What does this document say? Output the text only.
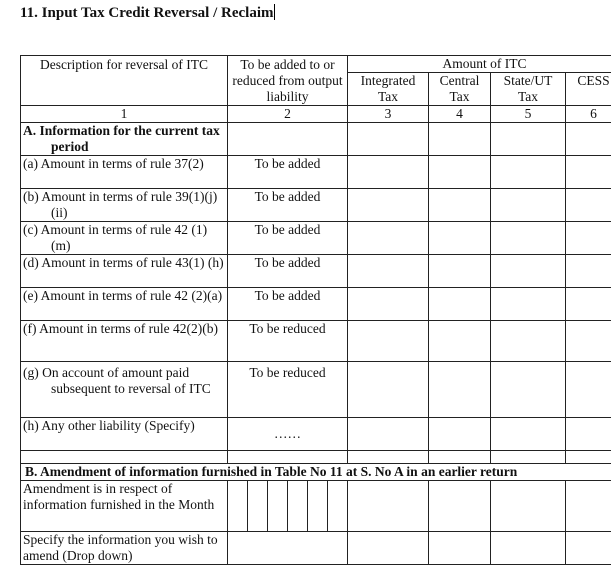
11. Input Tax Credit Reversal / Reclaim
Description for reversal of ITC	To be added to or reduced from output liability	Amount of ITC			
		Integrated Tax	Central Tax	State/UT Tax	CESS
1	2	3	4	5	6

A. Information for the current tax period					

(a) Amount in terms of rule 37(2)	To be added				

(b) Amount in terms of rule 39(1)(j)(ii)	To be added				

(c) Amount in terms of rule 42 (1) (m)	To be added				

(d) Amount in terms of rule 43(1) (h)	To be added				

(e) Amount in terms of rule 42 (2)(a)	To be added				

(f) Amount in terms of rule 42(2)(b)	To be reduced				

(g) On account of amount paid subsequent to reversal of ITC	To be reduced				

(h) Any other liability (Specify)	……				

B. Amendment of information furnished in Table No 11 at S. No A in an earlier return					
Amendment is in respect of information furnished in the Month	

Specify the information you wish to amend (Drop down)					
